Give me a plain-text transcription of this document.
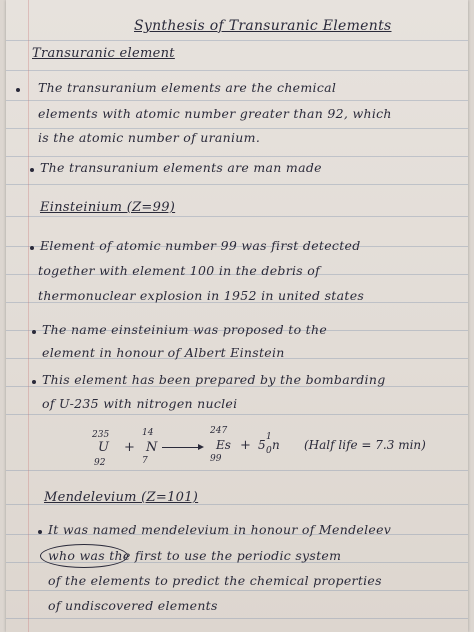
Synthesis of Transuranic Elements
Transuranic element
The transuranium elements are the chemical
elements with atomic number greater than 92, which
is the atomic number of uranium.
The transuranium elements are man made
Einsteinium (Z=99)
Element of atomic number 99 was first detected
together with element 100 in the debris of
thermonuclear explosion in 1952 in united states
The name einsteinium was proposed to the
element in honour of Albert Einstein
This element has been prepared by the bombarding
of U-235 with nitrogen nuclei
235
U
92
+
14
N
7
247
Es
99
+ 5
1
n
0	(Half life = 7.3 min)
Mendelevium (Z=101)
It was named mendelevium in honour of Mendeleev
who was the first to use the periodic system
of the elements to predict the chemical properties
of undiscovered elements
